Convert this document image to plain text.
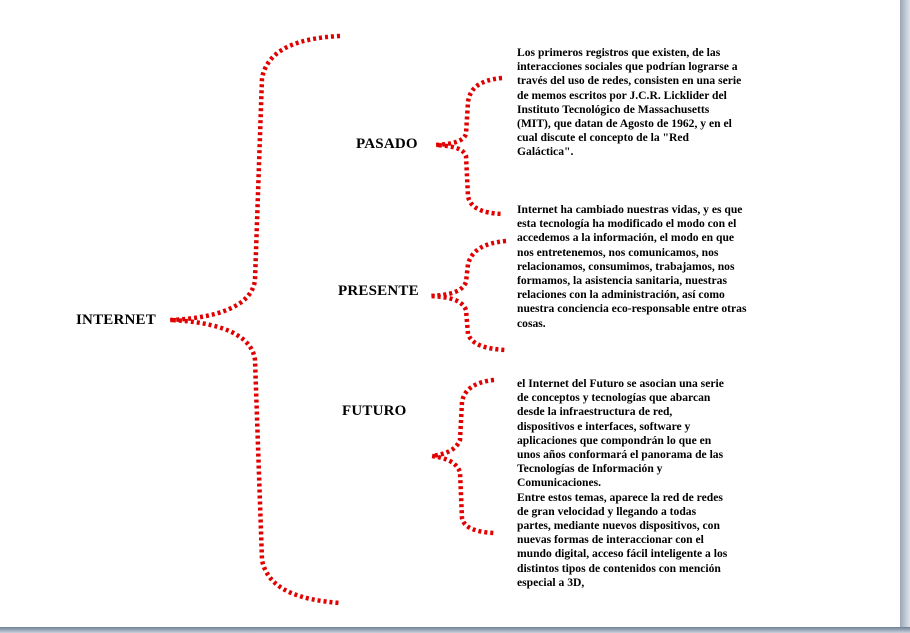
INTERNET
PASADO
PRESENTE
FUTURO

Los primeros registros que existen, de las interacciones sociales que podrían lograrse a través del uso de redes, consisten en una serie de memos escritos por J.C.R. Licklider del Instituto Tecnológico de Massachusetts (MIT), que datan de Agosto de 1962, y en el cual discute el concepto de la "Red Galáctica".

Internet ha cambiado nuestras vidas, y es que esta tecnología ha modificado el modo con el accedemos a la información, el modo en que nos entretenemos, nos comunicamos, nos relacionamos, consumimos, trabajamos, nos formamos, la asistencia sanitaria, nuestras relaciones con la administración, así como nuestra conciencia eco-responsable entre otras cosas.

el Internet del Futuro se asocian una serie de conceptos y tecnologías que abarcan desde la infraestructura de red, dispositivos e interfaces, software y aplicaciones que compondrán lo que en unos años conformará el panorama de las Tecnologías de Información y Comunicaciones.

Entre estos temas, aparece la red de redes de gran velocidad y llegando a todas partes, mediante nuevos dispositivos, con nuevas formas de interaccionar con el mundo digital, acceso fácil inteligente a los distintos tipos de contenidos con mención especial a 3D,
